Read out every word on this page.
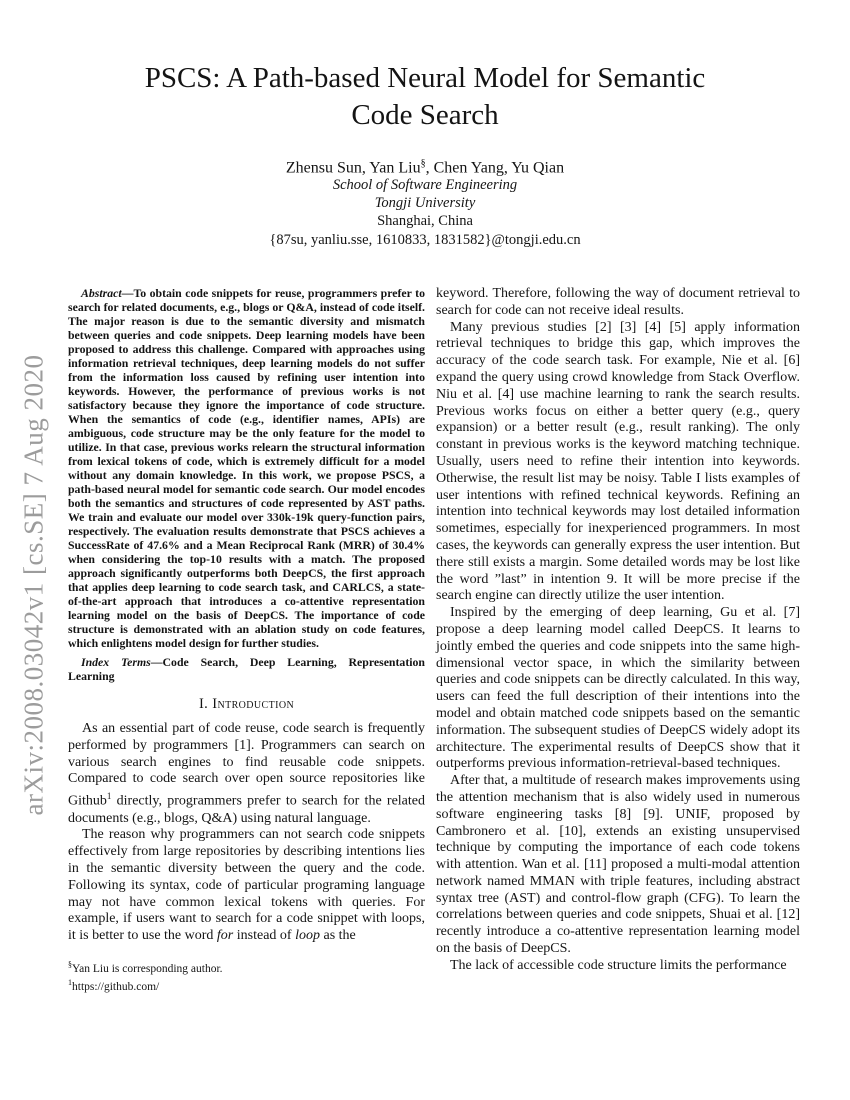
arXiv:2008.03042v1 [cs.SE] 7 Aug 2020
PSCS: A Path-based Neural Model for Semantic
Code Search
Zhensu Sun, Yan Liu§, Chen Yang, Yu Qian
School of Software Engineering
Tongji University
Shanghai, China
{87su, yanliu.sse, 1610833, 1831582}@tongji.edu.cn

Abstract—To obtain code snippets for reuse, programmers prefer to search for related documents, e.g., blogs or Q&A, instead of code itself. The major reason is due to the semantic diversity and mismatch between queries and code snippets. Deep learning models have been proposed to address this challenge. Compared with approaches using information retrieval techniques, deep learning models do not suffer from the information loss caused by refining user intention into keywords. However, the performance of previous works is not satisfactory because they ignore the importance of code structure. When the semantics of code (e.g., identifier names, APIs) are ambiguous, code structure may be the only feature for the model to utilize. In that case, previous works relearn the structural information from lexical tokens of code, which is extremely difficult for a model without any domain knowledge. In this work, we propose PSCS, a path-based neural model for semantic code search. Our model encodes both the semantics and structures of code represented by AST paths. We train and evaluate our model over 330k-19k query-function pairs, respectively. The evaluation results demonstrate that PSCS achieves a SuccessRate of 47.6% and a Mean Reciprocal Rank (MRR) of 30.4% when considering the top-10 results with a match. The proposed approach significantly outperforms both DeepCS, the first approach that applies deep learning to code search task, and CARLCS, a state-of-the-art approach that introduces a co-attentive representation learning model on the basis of DeepCS. The importance of code structure is demonstrated with an ablation study on code features, which enlightens model design for further studies.

Index Terms—Code Search, Deep Learning, Representation Learning

I. Introduction

As an essential part of code reuse, code search is frequently performed by programmers [1]. Programmers can search on various search engines to find reusable code snippets. Compared to code search over open source repositories like Github$^1$ directly, programmers prefer to search for the related documents (e.g., blogs, Q&A) using natural language.

The reason why programmers can not search code snippets effectively from large repositories by describing intentions lies in the semantic diversity between the query and the code. Following its syntax, code of particular programing language may not have common lexical tokens with queries. For example, if users want to search for a code snippet with loops, it is better to use the word for instead of loop as the

§Yan Liu is corresponding author.
$^1$https://github.com/

keyword. Therefore, following the way of document retrieval to search for code can not receive ideal results.

Many previous studies [2] [3] [4] [5] apply information retrieval techniques to bridge this gap, which improves the accuracy of the code search task. For example, Nie et al. [6] expand the query using crowd knowledge from Stack Overflow. Niu et al. [4] use machine learning to rank the search results. Previous works focus on either a better query (e.g., query expansion) or a better result (e.g., result ranking). The only constant in previous works is the keyword matching technique. Usually, users need to refine their intention into keywords. Otherwise, the result list may be noisy. Table I lists examples of user intentions with refined technical keywords. Refining an intention into technical keywords may lost detailed information sometimes, especially for inexperienced programmers. In most cases, the keywords can generally express the user intention. But there still exists a margin. Some detailed words may be lost like the word ”last” in intention 9. It will be more precise if the search engine can directly utilize the user intention.

Inspired by the emerging of deep learning, Gu et al. [7] propose a deep learning model called DeepCS. It learns to jointly embed the queries and code snippets into the same high-dimensional vector space, in which the similarity between queries and code snippets can be directly calculated. In this way, users can feed the full description of their intentions into the model and obtain matched code snippets based on the semantic information. The subsequent studies of DeepCS widely adopt its architecture. The experimental results of DeepCS show that it outperforms previous information-retrieval-based techniques.

After that, a multitude of research makes improvements using the attention mechanism that is also widely used in numerous software engineering tasks [8] [9]. UNIF, proposed by Cambronero et al. [10], extends an existing unsupervised technique by computing the importance of each code tokens with attention. Wan et al. [11] proposed a multi-modal attention network named MMAN with triple features, including abstract syntax tree (AST) and control-flow graph (CFG). To learn the correlations between queries and code snippets, Shuai et al. [12] recently introduce a co-attentive representation learning model on the basis of DeepCS.

The lack of accessible code structure limits the performance
